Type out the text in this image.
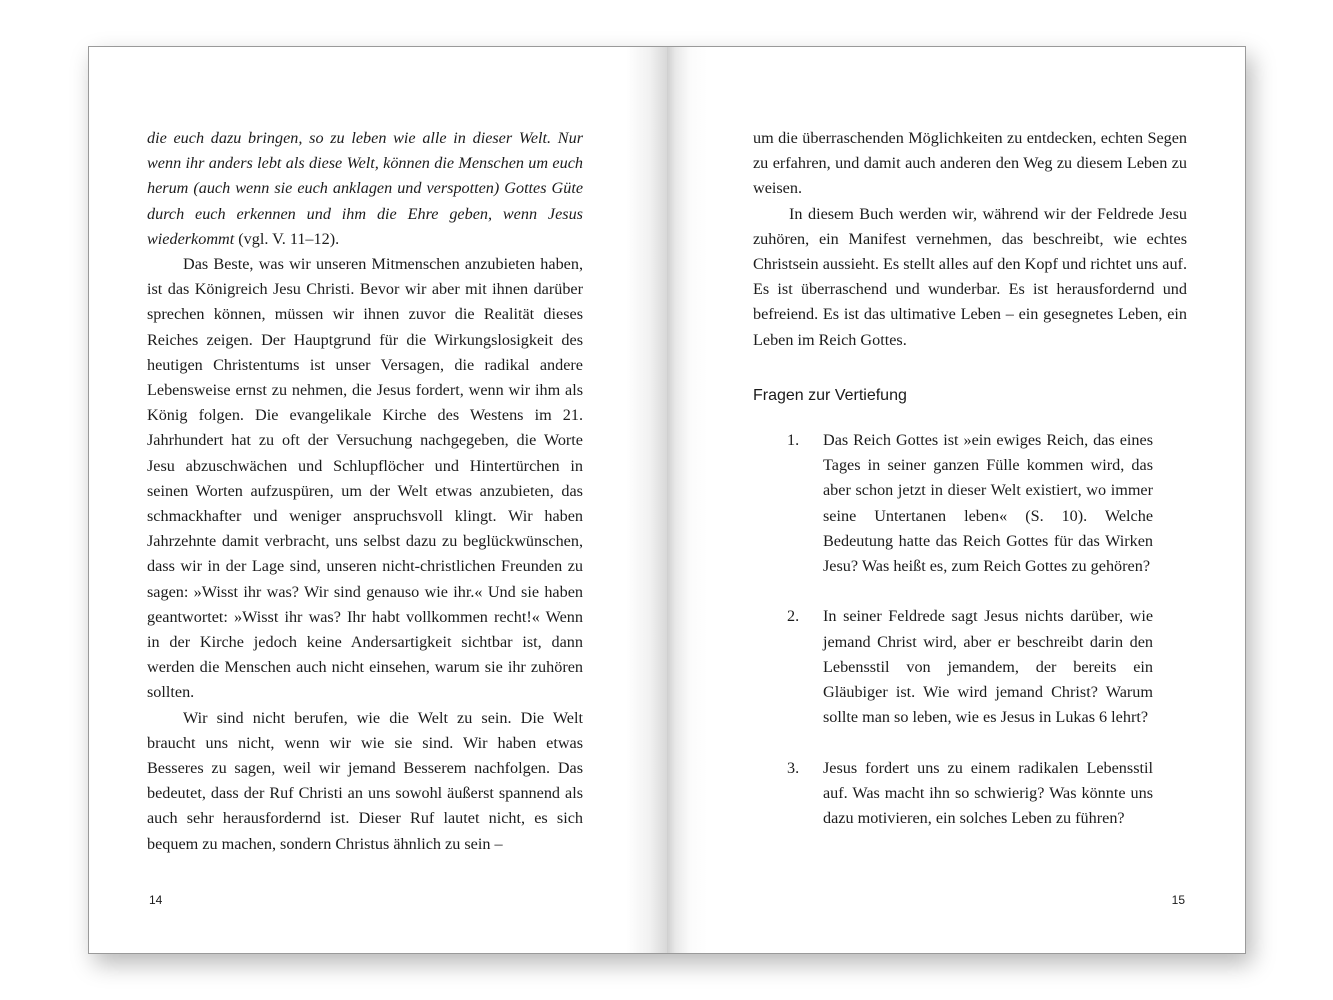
die euch dazu bringen, so zu leben wie alle in dieser Welt. Nur wenn ihr anders lebt als diese Welt, können die Menschen um euch herum (auch wenn sie euch anklagen und verspotten) Gottes Güte durch euch erkennen und ihm die Ehre geben, wenn Jesus wiederkommt (vgl. V. 11–12).

Das Beste, was wir unseren Mitmenschen anzubieten haben, ist das Königreich Jesu Christi. Bevor wir aber mit ihnen darüber sprechen können, müssen wir ihnen zuvor die Realität dieses Reiches zeigen. Der Hauptgrund für die Wirkungslosigkeit des heutigen Christentums ist unser Versagen, die radikal andere Lebensweise ernst zu nehmen, die Jesus fordert, wenn wir ihm als König folgen. Die evangelikale Kirche des Westens im 21. Jahrhundert hat zu oft der Versuchung nachgegeben, die Worte Jesu abzuschwächen und Schlupflöcher und Hintertürchen in seinen Worten aufzuspüren, um der Welt etwas anzubieten, das schmackhafter und weniger anspruchsvoll klingt. Wir haben Jahrzehnte damit verbracht, uns selbst dazu zu beglückwünschen, dass wir in der Lage sind, unseren nicht-christlichen Freunden zu sagen: »Wisst ihr was? Wir sind genauso wie ihr.« Und sie haben geantwortet: »Wisst ihr was? Ihr habt vollkommen recht!« Wenn in der Kirche jedoch keine Andersartigkeit sichtbar ist, dann werden die Menschen auch nicht einsehen, warum sie ihr zuhören sollten.

Wir sind nicht berufen, wie die Welt zu sein. Die Welt braucht uns nicht, wenn wir wie sie sind. Wir haben etwas Besseres zu sagen, weil wir jemand Besserem nachfolgen. Das bedeutet, dass der Ruf Christi an uns sowohl äußerst spannend als auch sehr herausfordernd ist. Dieser Ruf lautet nicht, es sich bequem zu machen, sondern Christus ähnlich zu sein –

14

um die überraschenden Möglichkeiten zu entdecken, echten Segen zu erfahren, und damit auch anderen den Weg zu diesem Leben zu weisen.

In diesem Buch werden wir, während wir der Feldrede Jesu zuhören, ein Manifest vernehmen, das beschreibt, wie echtes Christsein aussieht. Es stellt alles auf den Kopf und richtet uns auf. Es ist überraschend und wunderbar. Es ist herausfordernd und befreiend. Es ist das ultimative Leben – ein gesegnetes Leben, ein Leben im Reich Gottes.

Fragen zur Vertiefung
1. Das Reich Gottes ist »ein ewiges Reich, das eines Tages in seiner ganzen Fülle kommen wird, das aber schon jetzt in dieser Welt existiert, wo immer seine Untertanen leben« (S. 10). Welche Bedeutung hatte das Reich Gottes für das Wirken Jesu? Was heißt es, zum Reich Gottes zu gehören?
2. In seiner Feldrede sagt Jesus nichts darüber, wie jemand Christ wird, aber er beschreibt darin den Lebensstil von jemandem, der bereits ein Gläubiger ist. Wie wird jemand Christ? Warum sollte man so leben, wie es Jesus in Lukas 6 lehrt?
3. Jesus fordert uns zu einem radikalen Lebensstil auf. Was macht ihn so schwierig? Was könnte uns dazu motivieren, ein solches Leben zu führen?
15
